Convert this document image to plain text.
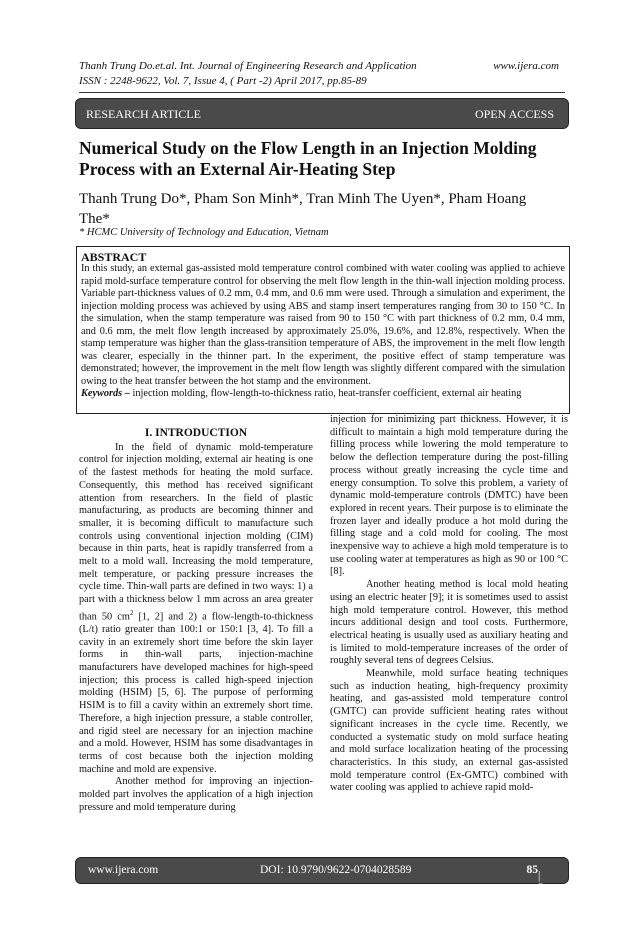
Thanh Trung Do.et.al. Int. Journal of Engineering Research and Application
ISSN : 2248-9622, Vol. 7, Issue 4, ( Part -2) April 2017, pp.85-89
www.ijera.com
RESEARCH ARTICLE	OPEN ACCESS
Numerical Study on the Flow Length in an Injection Molding Process with an External Air-Heating Step

Thanh Trung Do*, Pham Son Minh*, Tran Minh The Uyen*, Pham Hoang The*

* HCMC University of Technology and Education, Vietnam
ABSTRACT

In this study, an external gas-assisted mold temperature control combined with water cooling was applied to achieve rapid mold-surface temperature control for observing the melt flow length in the thin-wall injection molding process. Variable part-thickness values of 0.2 mm, 0.4 mm, and 0.6 mm were used. Through a simulation and experiment, the injection molding process was achieved by using ABS and stamp insert temperatures ranging from 30 to 150 °C. In the simulation, when the stamp temperature was raised from 90 to 150 °C with part thickness of 0.2 mm, 0.4 mm, and 0.6 mm, the melt flow length increased by approximately 25.0%, 19.6%, and 12.8%, respectively. When the stamp temperature was higher than the glass-transition temperature of ABS, the improvement in the melt flow length was clearer, especially in the thinner part. In the experiment, the positive effect of stamp temperature was demonstrated; however, the improvement in the melt flow length was slightly different compared with the simulation owing to the heat transfer between the hot stamp and the environment.
Keywords – injection molding, flow-length-to-thickness ratio, heat-transfer coefficient, external air heating

I. INTRODUCTION

In the field of dynamic mold-temperature control for injection molding, external air heating is one of the fastest methods for heating the mold surface. Consequently, this method has received significant attention from researchers. In the field of plastic manufacturing, as products are becoming thinner and smaller, it is becoming difficult to manufacture such controls using conventional injection molding (CIM) because in thin parts, heat is rapidly transferred from a melt to a mold wall. Increasing the mold temperature, melt temperature, or packing pressure increases the cycle time. Thin-wall parts are defined in two ways: 1) a part with a thickness below 1 mm across an area greater than 50 $cm^2$ [1, 2] and 2) a flow-length-to-thickness (L/t) ratio greater than 100:1 or 150:1 [3, 4]. To fill a cavity in an extremely short time before the skin layer forms in thin-wall parts, injection-machine manufacturers have developed machines for high-speed injection; this process is called high-speed injection molding (HSIM) [5, 6]. The purpose of performing HSIM is to fill a cavity within an extremely short time. Therefore, a high injection pressure, a stable controller, and rigid steel are necessary for an injection machine and a mold. However, HSIM has some disadvantages in terms of cost because both the injection molding machine and mold are expensive.

Another method for improving an injection-molded part involves the application of a high injection pressure and mold temperature during

injection for minimizing part thickness. However, it is difficult to maintain a high mold temperature during the filling process while lowering the mold temperature to below the deflection temperature during the post-filling process without greatly increasing the cycle time and energy consumption. To solve this problem, a variety of dynamic mold-temperature controls (DMTC) have been explored in recent years. Their purpose is to eliminate the frozen layer and ideally produce a hot mold during the filling stage and a cold mold for cooling. The most inexpensive way to achieve a high mold temperature is to use cooling water at temperatures as high as 90 or 100 °C [8].

Another heating method is local mold heating using an electric heater [9]; it is sometimes used to assist high mold temperature control. However, this method incurs additional design and tool costs. Furthermore, electrical heating is usually used as auxiliary heating and is limited to mold-temperature increases of the order of roughly several tens of degrees Celsius.

Meanwhile, mold surface heating techniques such as induction heating, high-frequency proximity heating, and gas-assisted mold temperature control (GMTC) can provide sufficient heating rates without significant increases in the cycle time. Recently, we conducted a systematic study on mold surface heating and mold surface localization heating of the processing characteristics. In this study, an external gas-assisted mold temperature control (Ex-GMTC) combined with water cooling was applied to achieve rapid mold-

www.ijera.com	DOI: 10.9790/9622-0704028589	85 | P a g e
